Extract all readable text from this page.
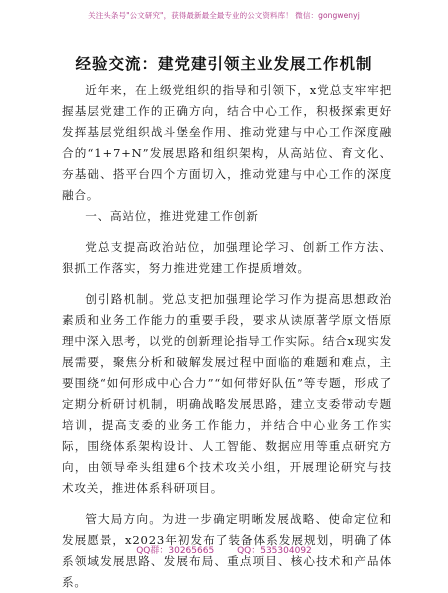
关注头条号"公文研究"，获得最新最全最专业的公文资料库！ 微信：gongwenyj
经验交流：建党建引领主业发展工作机制

近年来，在上级党组织的指导和引领下，x党总支牢牢把握基层党建工作的正确方向，结合中心工作，积极探索更好发挥基层党组织战斗堡垒作用、推动党建与中心工作深度融合的“1+7+N”发展思路和组织架构，从高站位、育文化、夯基础、搭平台四个方面切入，推动党建与中心工作的深度融合。

一、高站位，推进党建工作创新

党总支提高政治站位，加强理论学习、创新工作方法、狠抓工作落实，努力推进党建工作提质增效。

创引路机制。党总支把加强理论学习作为提高思想政治素质和业务工作能力的重要手段，要求从读原著学原文悟原理中深入思考，以党的创新理论指导工作实际。结合x现实发展需要，聚焦分析和破解发展过程中面临的难题和难点，主要围绕“如何形成中心合力”“如何带好队伍”等专题，形成了定期分析研讨机制，明确战略发展思路，建立支委带动专题培训，提高支委的业务工作能力，并结合中心业务工作实际，围绕体系架构设计、人工智能、数据应用等重点研究方向，由领导牵头组建6个技术攻关小组，开展理论研究与技术攻关，推进体系科研项目。

管大局方向。为进一步确定明晰发展战略、使命定位和发展愿景，x2023年初发布了装备体系发展规划，明确了体系领域发展思路、发展布局、重点项目、核心技术和产品体系。

QQ群：30265665        QQ：535304092
